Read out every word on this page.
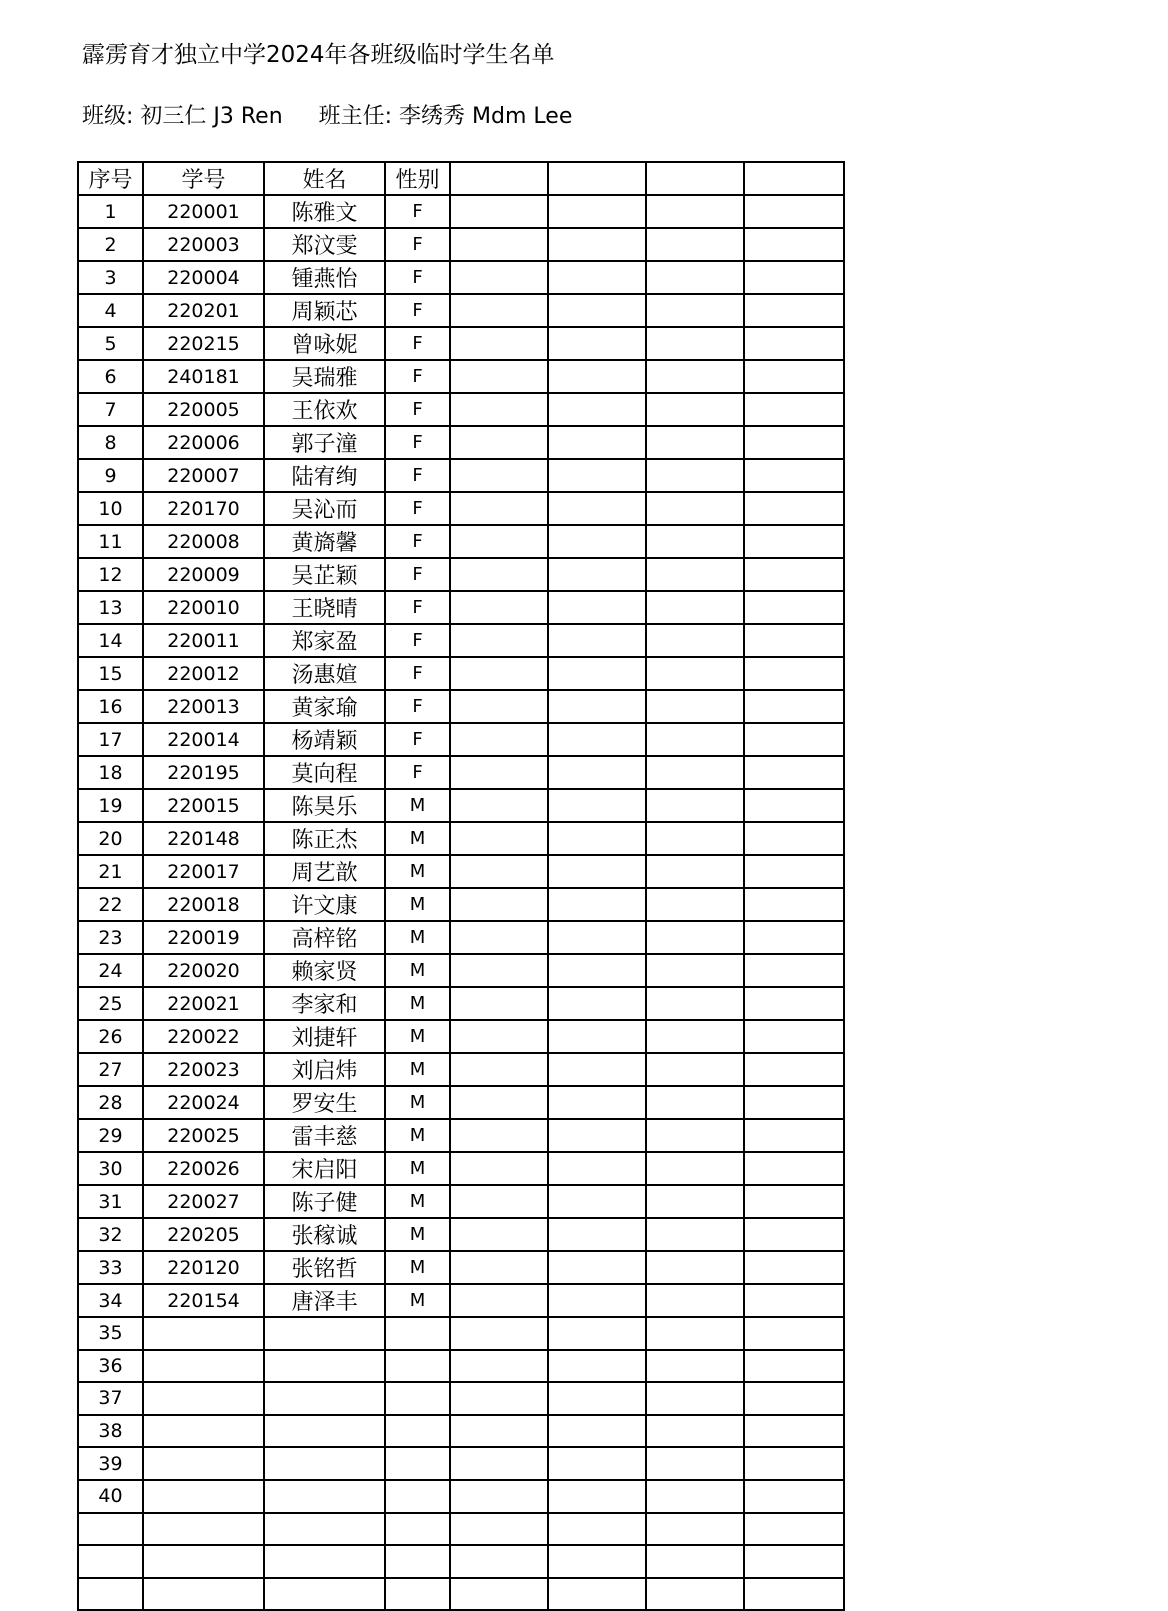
霹雳育才独立中学2024年各班级临时学生名单
班级: 初三仁 J3 Ren 班主任: 李绣秀 Mdm Lee
序号	学号	姓名	性别				
1	220001	陈雅文	F				
2	220003	郑汶雯	F				
3	220004	锺燕怡	F				
4	220201	周颖芯	F				
5	220215	曾咏妮	F				
6	240181	吴瑞雅	F				
7	220005	王依欢	F				
8	220006	郭子潼	F				
9	220007	陆宥绚	F				
10	220170	吴沁而	F				
11	220008	黄旖馨	F				
12	220009	吴芷颖	F				
13	220010	王晓晴	F				
14	220011	郑家盈	F				
15	220012	汤惠媗	F				
16	220013	黄家瑜	F				
17	220014	杨靖颖	F				
18	220195	莫向程	F				
19	220015	陈昊乐	M				
20	220148	陈正杰	M				
21	220017	周艺歆	M				
22	220018	许文康	M				
23	220019	高梓铭	M				
24	220020	赖家贤	M				
25	220021	李家和	M				
26	220022	刘捷轩	M				
27	220023	刘启炜	M				
28	220024	罗安生	M				
29	220025	雷丰慈	M				
30	220026	宋启阳	M				
31	220027	陈子健	M				
32	220205	张稼诚	M				
33	220120	张铭哲	M				
34	220154	唐泽丰	M				
35							
36							
37							
38							
39							
40							
